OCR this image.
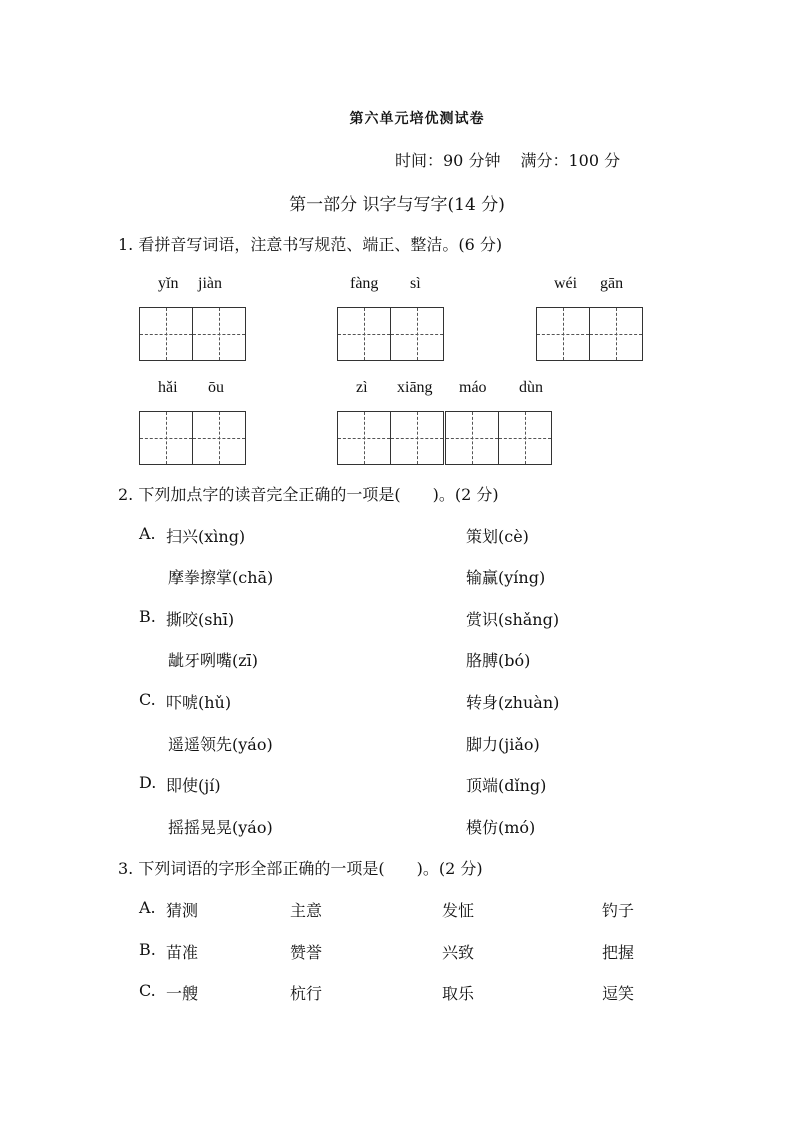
第六单元培优测试卷
时间：90 分钟 满分：100 分
第一部分 识字与写字(14 分)
1. 看拼音写词语，注意书写规范、端正、整洁。(6 分)
yǐn jiàn	fàng sì	wéi gān
hǎi ōu	zì xiāng máo dùn
2. 下列加点字的读音完全正确的一项是(　　)。(2 分)
A. 扫兴(xìng)	策划(cè)
摩拳擦掌(chā)	输赢(yíng)
B. 撕咬(shī)	赏识(shǎng)
龇牙咧嘴(zī)	胳膊(bó)
C. 吓唬(hǔ)	转身(zhuàn)
遥遥领先(yáo)	脚力(jiǎo)
D. 即使(jí)	顶端(dǐng)
摇摇晃晃(yáo)	模仿(mó)
3. 下列词语的字形全部正确的一项是(　　)。(2 分)
A. 猜测	主意	发怔	钓子
B. 苗准	赞誉	兴致	把握
C. 一艘	杭行	取乐	逗笑
